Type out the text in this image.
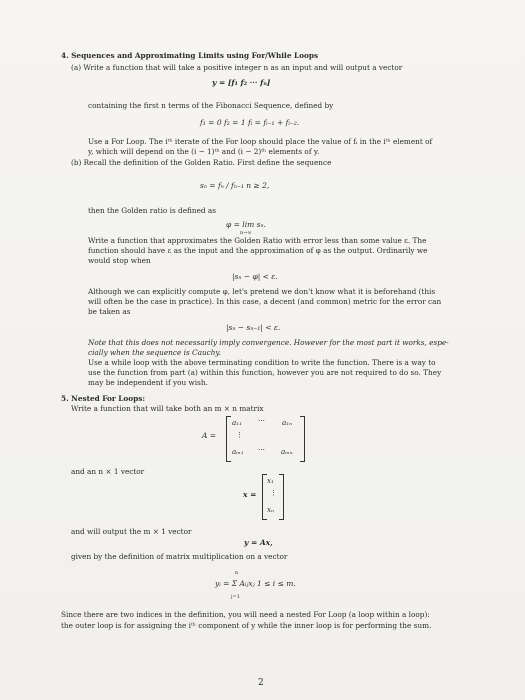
4. Sequences and Approximating Limits using For/While Loops
(a) Write a function that will take a positive integer n as an input and will output a vector
y = [f₁ f₂ ··· fₙ]
containing the first n terms of the Fibonacci Sequence, defined by
f₁ = 0 f₂ = 1 fᵢ = fᵢ₋₁ + fᵢ₋₂.
Use a For Loop. The iᵗʰ iterate of the For loop should place the value of fᵢ in the iᵗʰ element of
y, which will depend on the (i − 1)ᵗʰ and (i − 2)ᵗʰ elements of y.
(b) Recall the definition of the Golden Ratio. First define the sequence
sₙ = fₙ / fₙ₋₁ n ≥ 2,
then the Golden ratio is defined as
φ = lim sₙ.
n→∞
Write a function that approximates the Golden Ratio with error less than some value ε. The
function should have ε as the input and the approximation of φ as the output. Ordinarily we
would stop when
|sₙ − φ| < ε.
Although we can explicitly compute φ, let's pretend we don't know what it is beforehand (this
will often be the case in practice). In this case, a decent (and common) metric for the error can
be taken as
|sₙ − sₙ₋₁| < ε.
Note that this does not necessarily imply convergence. However for the most part it works, espe-
cially when the sequence is Cauchy.
Use a while loop with the above terminating condition to write the function. There is a way to
use the function from part (a) within this function, however you are not required to do so. They
may be independent if you wish.
5. Nested For Loops:
Write a function that will take both an m × n matrix
A =
a₁₁ ··· a₁ₙ
⋮
aₘ₁ ··· aₘₙ
and an n × 1 vector
x =
x₁
⋮
xₙ
and will output the m × 1 vector
y = Ax,
given by the definition of matrix multiplication on a vector
n
yᵢ = Σ Aᵢⱼxⱼ 1 ≤ i ≤ m.
j=1
Since there are two indices in the definition, you will need a nested For Loop (a loop within a loop):
the outer loop is for assigning the iᵗʰ component of y while the inner loop is for performing the sum.
2
